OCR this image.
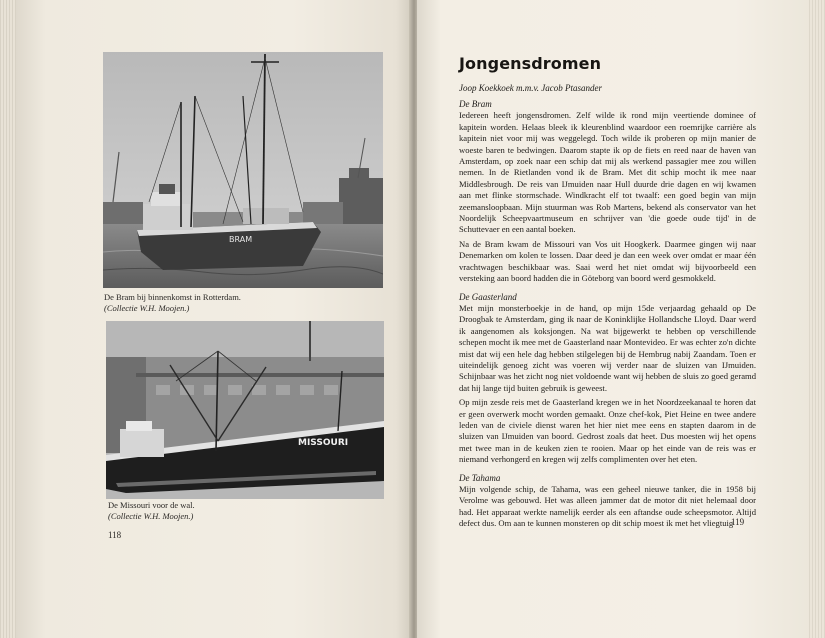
BRAM
De Bram bij binnenkomst in Rotterdam.
(Collectie W.H. Moojen.)
MISSOURI
De Missouri voor de wal.
(Collectie W.H. Moojen.)
118
Jongensdromen

Joop Koekkoek m.m.v. Jacob Ptasander

De Bram

Iedereen heeft jongensdromen. Zelf wilde ik rond mijn veertiende dominee of kapitein worden. Helaas bleek ik kleurenblind waardoor een roemrijke carrière als kapitein niet voor mij was weggelegd. Toch wilde ik proberen op mijn manier de woeste baren te bedwingen. Daarom stapte ik op de fiets en reed naar de haven van Amsterdam, op zoek naar een schip dat mij als werkend passagier mee zou willen nemen. In de Rietlanden vond ik de Bram. Met dit schip mocht ik mee naar Middlesbrough. De reis van IJmuiden naar Hull duurde drie dagen en wij kwamen aan met flinke stormschade. Windkracht elf tot twaalf: een goed begin van mijn zeemansloopbaan. Mijn stuurman was Rob Martens, bekend als conservator van het Noordelijk Scheepvaartmuseum en schrijver van 'die goede oude tijd' in de Schuttevaer en een aantal boeken.

Na de Bram kwam de Missouri van Vos uit Hoogkerk. Daarmee gingen wij naar Denemarken om kolen te lossen. Daar deed je dan een week over omdat er maar één vrachtwagen beschikbaar was. Saai werd het niet omdat wij bijvoorbeeld een versteking aan boord hadden die in Göteborg van boord werd gesmokkeld.

De Gaasterland

Met mijn monsterboekje in de hand, op mijn 15de verjaardag gehaald op De Droogbak te Amsterdam, ging ik naar de Koninklijke Hollandsche Lloyd. Daar werd ik aangenomen als koksjongen. Na wat bijgewerkt te hebben op verschillende schepen mocht ik mee met de Gaasterland naar Montevideo. Er was echter zo'n dichte mist dat wij een hele dag hebben stilgelegen bij de Hembrug nabij Zaandam. Toen er uiteindelijk genoeg zicht was voeren wij verder naar de sluizen van IJmuiden. Schijnbaar was het zicht nog niet voldoende want wij hebben de sluis zo goed geramd dat hij lange tijd buiten gebruik is geweest.

Op mijn zesde reis met de Gaasterland kregen we in het Noordzeekanaal te horen dat er geen overwerk mocht worden gemaakt. Onze chef-kok, Piet Heine en twee andere leden van de civiele dienst waren het hier niet mee eens en stapten daarom in de sluizen van IJmuiden van boord. Gedrost zoals dat heet. Dus moesten wij het opens met twee man in de keuken zien te rooien. Maar op het einde van de reis was er niemand verhongerd en kregen wij zelfs complimenten over het eten.

De Tahama

Mijn volgende schip, de Tahama, was een geheel nieuwe tanker, die in 1958 bij Verolme was gebouwd. Het was alleen jammer dat de motor dit niet helemaal door had. Het apparaat werkte namelijk eerder als een aftandse oude scheepsmotor. Altijd defect dus. Om aan te kunnen monsteren op dit schip moest ik met het vliegtuig

119
